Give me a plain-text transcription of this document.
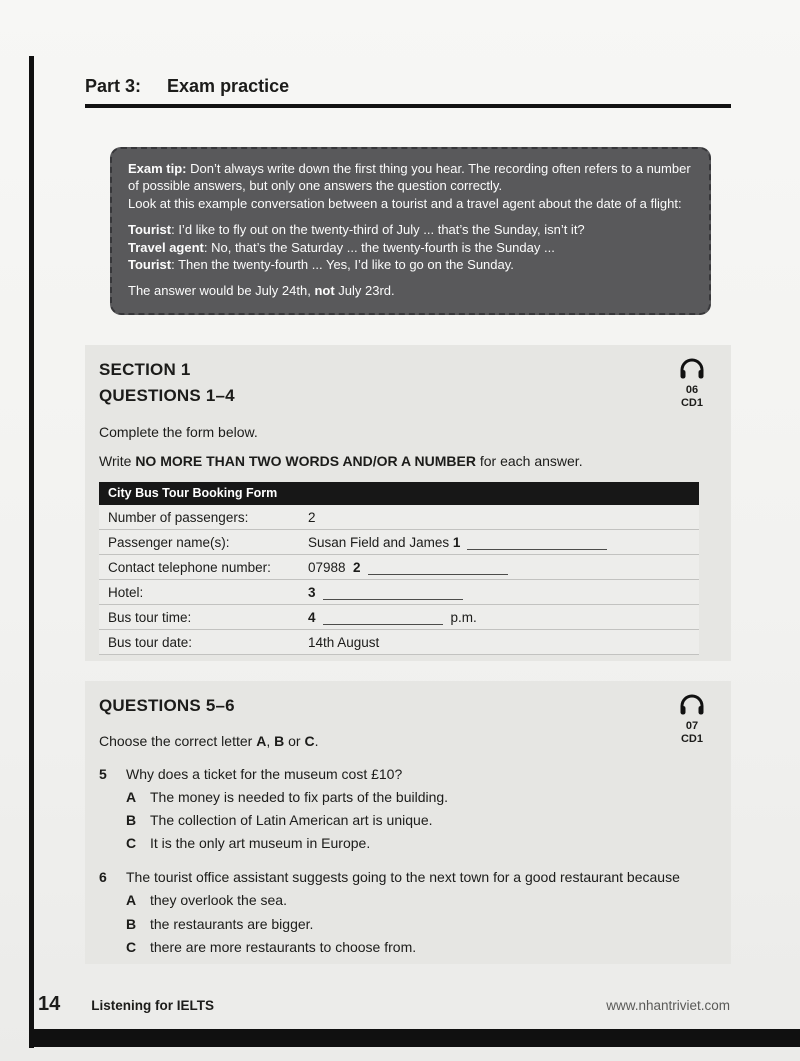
Part 3: Exam practice
Exam tip: Don’t always write down the first thing you hear. The recording often refers to a number of possible answers, but only one answers the question correctly.
Look at this example conversation between a tourist and a travel agent about the date of a flight:
Tourist: I’d like to fly out on the twenty-third of July ... that’s the Sunday, isn’t it?
Travel agent: No, that’s the Saturday ... the twenty-fourth is the Sunday ...
Tourist: Then the twenty-fourth ... Yes, I’d like to go on the Sunday.
The answer would be July 24th, not July 23rd.
SECTION 1
QUESTIONS 1–4	06
CD1

Complete the form below.

Write NO MORE THAN TWO WORDS AND/OR A NUMBER for each answer.

City Bus Tour Booking Form
Number of passengers:	2
Passenger name(s):	Susan Field and James 1
Contact telephone number:	07988 2
Hotel:	3
Bus tour time:	4	p.m.
Bus tour date:	14th August
QUESTIONS 5–6
07
CD1

Choose the correct letter A, B or C.

5 Why does a ticket for the museum cost £10?
A The money is needed to fix parts of the building.
B The collection of Latin American art is unique.
C It is the only art museum in Europe.
6 The tourist office assistant suggests going to the next town for a good restaurant because
A they overlook the sea.
B the restaurants are bigger.
C there are more restaurants to choose from.
14 Listening for IELTS	www.nhantriviet.com
